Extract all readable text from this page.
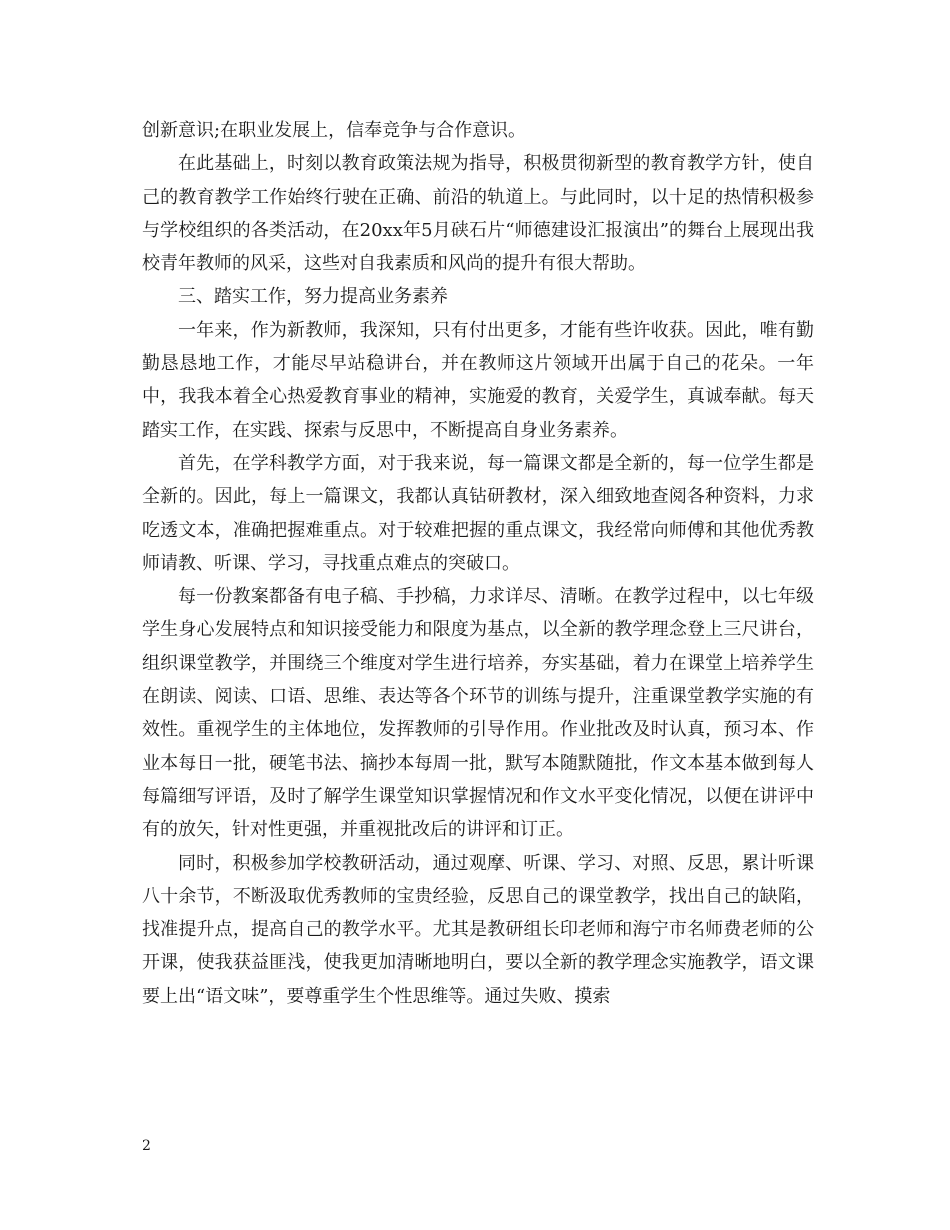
创新意识;在职业发展上，信奉竞争与合作意识。

在此基础上，时刻以教育政策法规为指导，积极贯彻新型的教育教学方针，使自己的教育教学工作始终行驶在正确、前沿的轨道上。与此同时，以十足的热情积极参与学校组织的各类活动，在20xx年5月硖石片“师德建设汇报演出”的舞台上展现出我校青年教师的风采，这些对自我素质和风尚的提升有很大帮助。

三、踏实工作，努力提高业务素养

一年来，作为新教师，我深知，只有付出更多，才能有些许收获。因此，唯有勤勤恳恳地工作，才能尽早站稳讲台，并在教师这片领域开出属于自己的花朵。一年中，我我本着全心热爱教育事业的精神，实施爱的教育，关爱学生，真诚奉献。每天踏实工作，在实践、探索与反思中，不断提高自身业务素养。

首先，在学科教学方面，对于我来说，每一篇课文都是全新的，每一位学生都是全新的。因此，每上一篇课文，我都认真钻研教材，深入细致地查阅各种资料，力求吃透文本，准确把握难重点。对于较难把握的重点课文，我经常向师傅和其他优秀教师请教、听课、学习，寻找重点难点的突破口。

每一份教案都备有电子稿、手抄稿，力求详尽、清晰。在教学过程中，以七年级学生身心发展特点和知识接受能力和限度为基点，以全新的教学理念登上三尺讲台，组织课堂教学，并围绕三个维度对学生进行培养，夯实基础，着力在课堂上培养学生在朗读、阅读、口语、思维、表达等各个环节的训练与提升，注重课堂教学实施的有效性。重视学生的主体地位，发挥教师的引导作用。作业批改及时认真，预习本、作业本每日一批，硬笔书法、摘抄本每周一批，默写本随默随批，作文本基本做到每人每篇细写评语，及时了解学生课堂知识掌握情况和作文水平变化情况，以便在讲评中有的放矢，针对性更强，并重视批改后的讲评和订正。

同时，积极参加学校教研活动，通过观摩、听课、学习、对照、反思，累计听课八十余节，不断汲取优秀教师的宝贵经验，反思自己的课堂教学，找出自己的缺陷，找准提升点，提高自己的教学水平。尤其是教研组长印老师和海宁市名师费老师的公开课，使我获益匪浅，使我更加清晰地明白，要以全新的教学理念实施教学，语文课要上出“语文味”，要尊重学生个性思维等。通过失败、摸索

2
